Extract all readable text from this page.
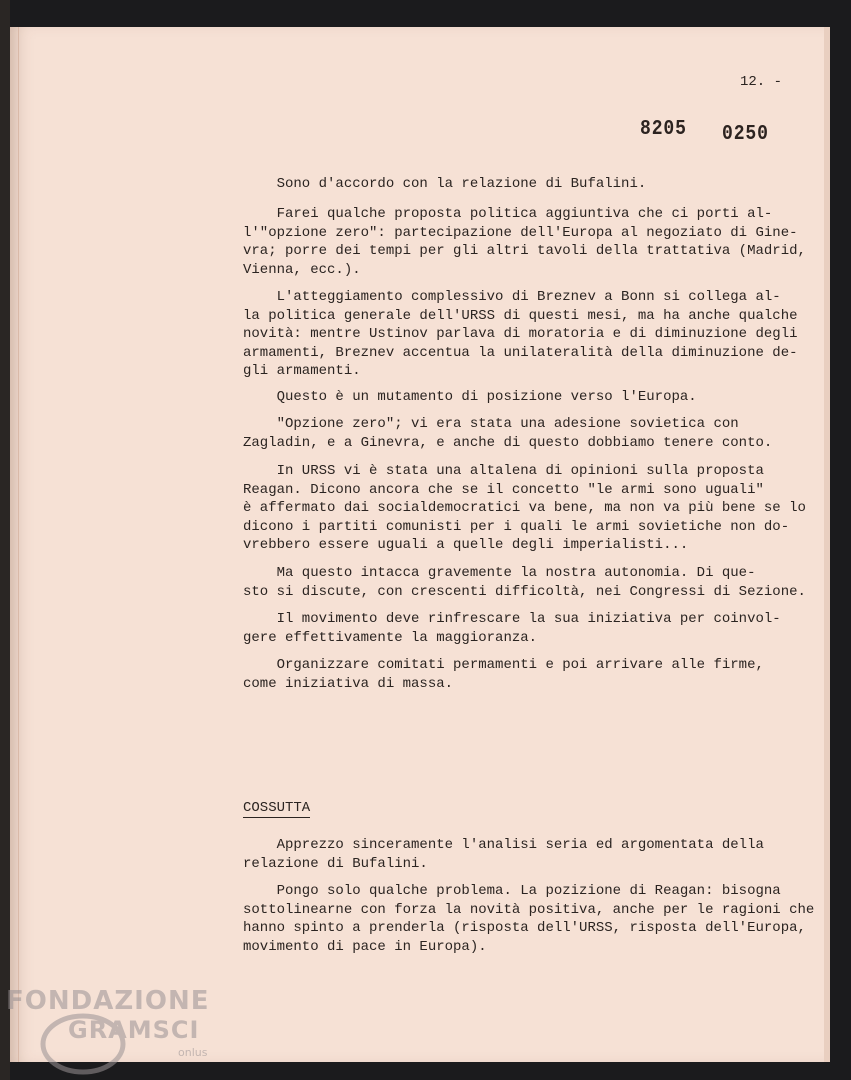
12. -
8205 0250
Sono d'accordo con la relazione di Bufalini.
Farei qualche proposta politica aggiuntiva che ci porti al-
l'"opzione zero": partecipazione dell'Europa al negoziato di Gine-
vra; porre dei tempi per gli altri tavoli della trattativa (Madrid,
Vienna, ecc.).
L'atteggiamento complessivo di Breznev a Bonn si collega al-
la politica generale dell'URSS di questi mesi, ma ha anche qualche
novità: mentre Ustinov parlava di moratoria e di diminuzione degli
armamenti, Breznev accentua la unilateralità della diminuzione de-
gli armamenti.
Questo è un mutamento di posizione verso l'Europa.
"Opzione zero"; vi era stata una adesione sovietica con
Zagladin, e a Ginevra, e anche di questo dobbiamo tenere conto.
In URSS vi è stata una altalena di opinioni sulla proposta
Reagan. Dicono ancora che se il concetto "le armi sono uguali"
è affermato dai socialdemocratici va bene, ma non va più bene se lo
dicono i partiti comunisti per i quali le armi sovietiche non do-
vrebbero essere uguali a quelle degli imperialisti...
Ma questo intacca gravemente la nostra autonomia. Di que-
sto si discute, con crescenti difficoltà, nei Congressi di Sezione.
Il movimento deve rinfrescare la sua iniziativa per coinvol-
gere effettivamente la maggioranza.
Organizzare comitati permamenti e poi arrivare alle firme,
come iniziativa di massa.
COSSUTTA
Apprezzo sinceramente l'analisi seria ed argomentata della
relazione di Bufalini.
Pongo solo qualche problema. La pozizione di Reagan: bisogna
sottolinearne con forza la novità positiva, anche per le ragioni che
hanno spinto a prenderla (risposta dell'URSS, risposta dell'Europa,
movimento di pace in Europa).
FONDAZIONE
GRAMSCI
onlus
